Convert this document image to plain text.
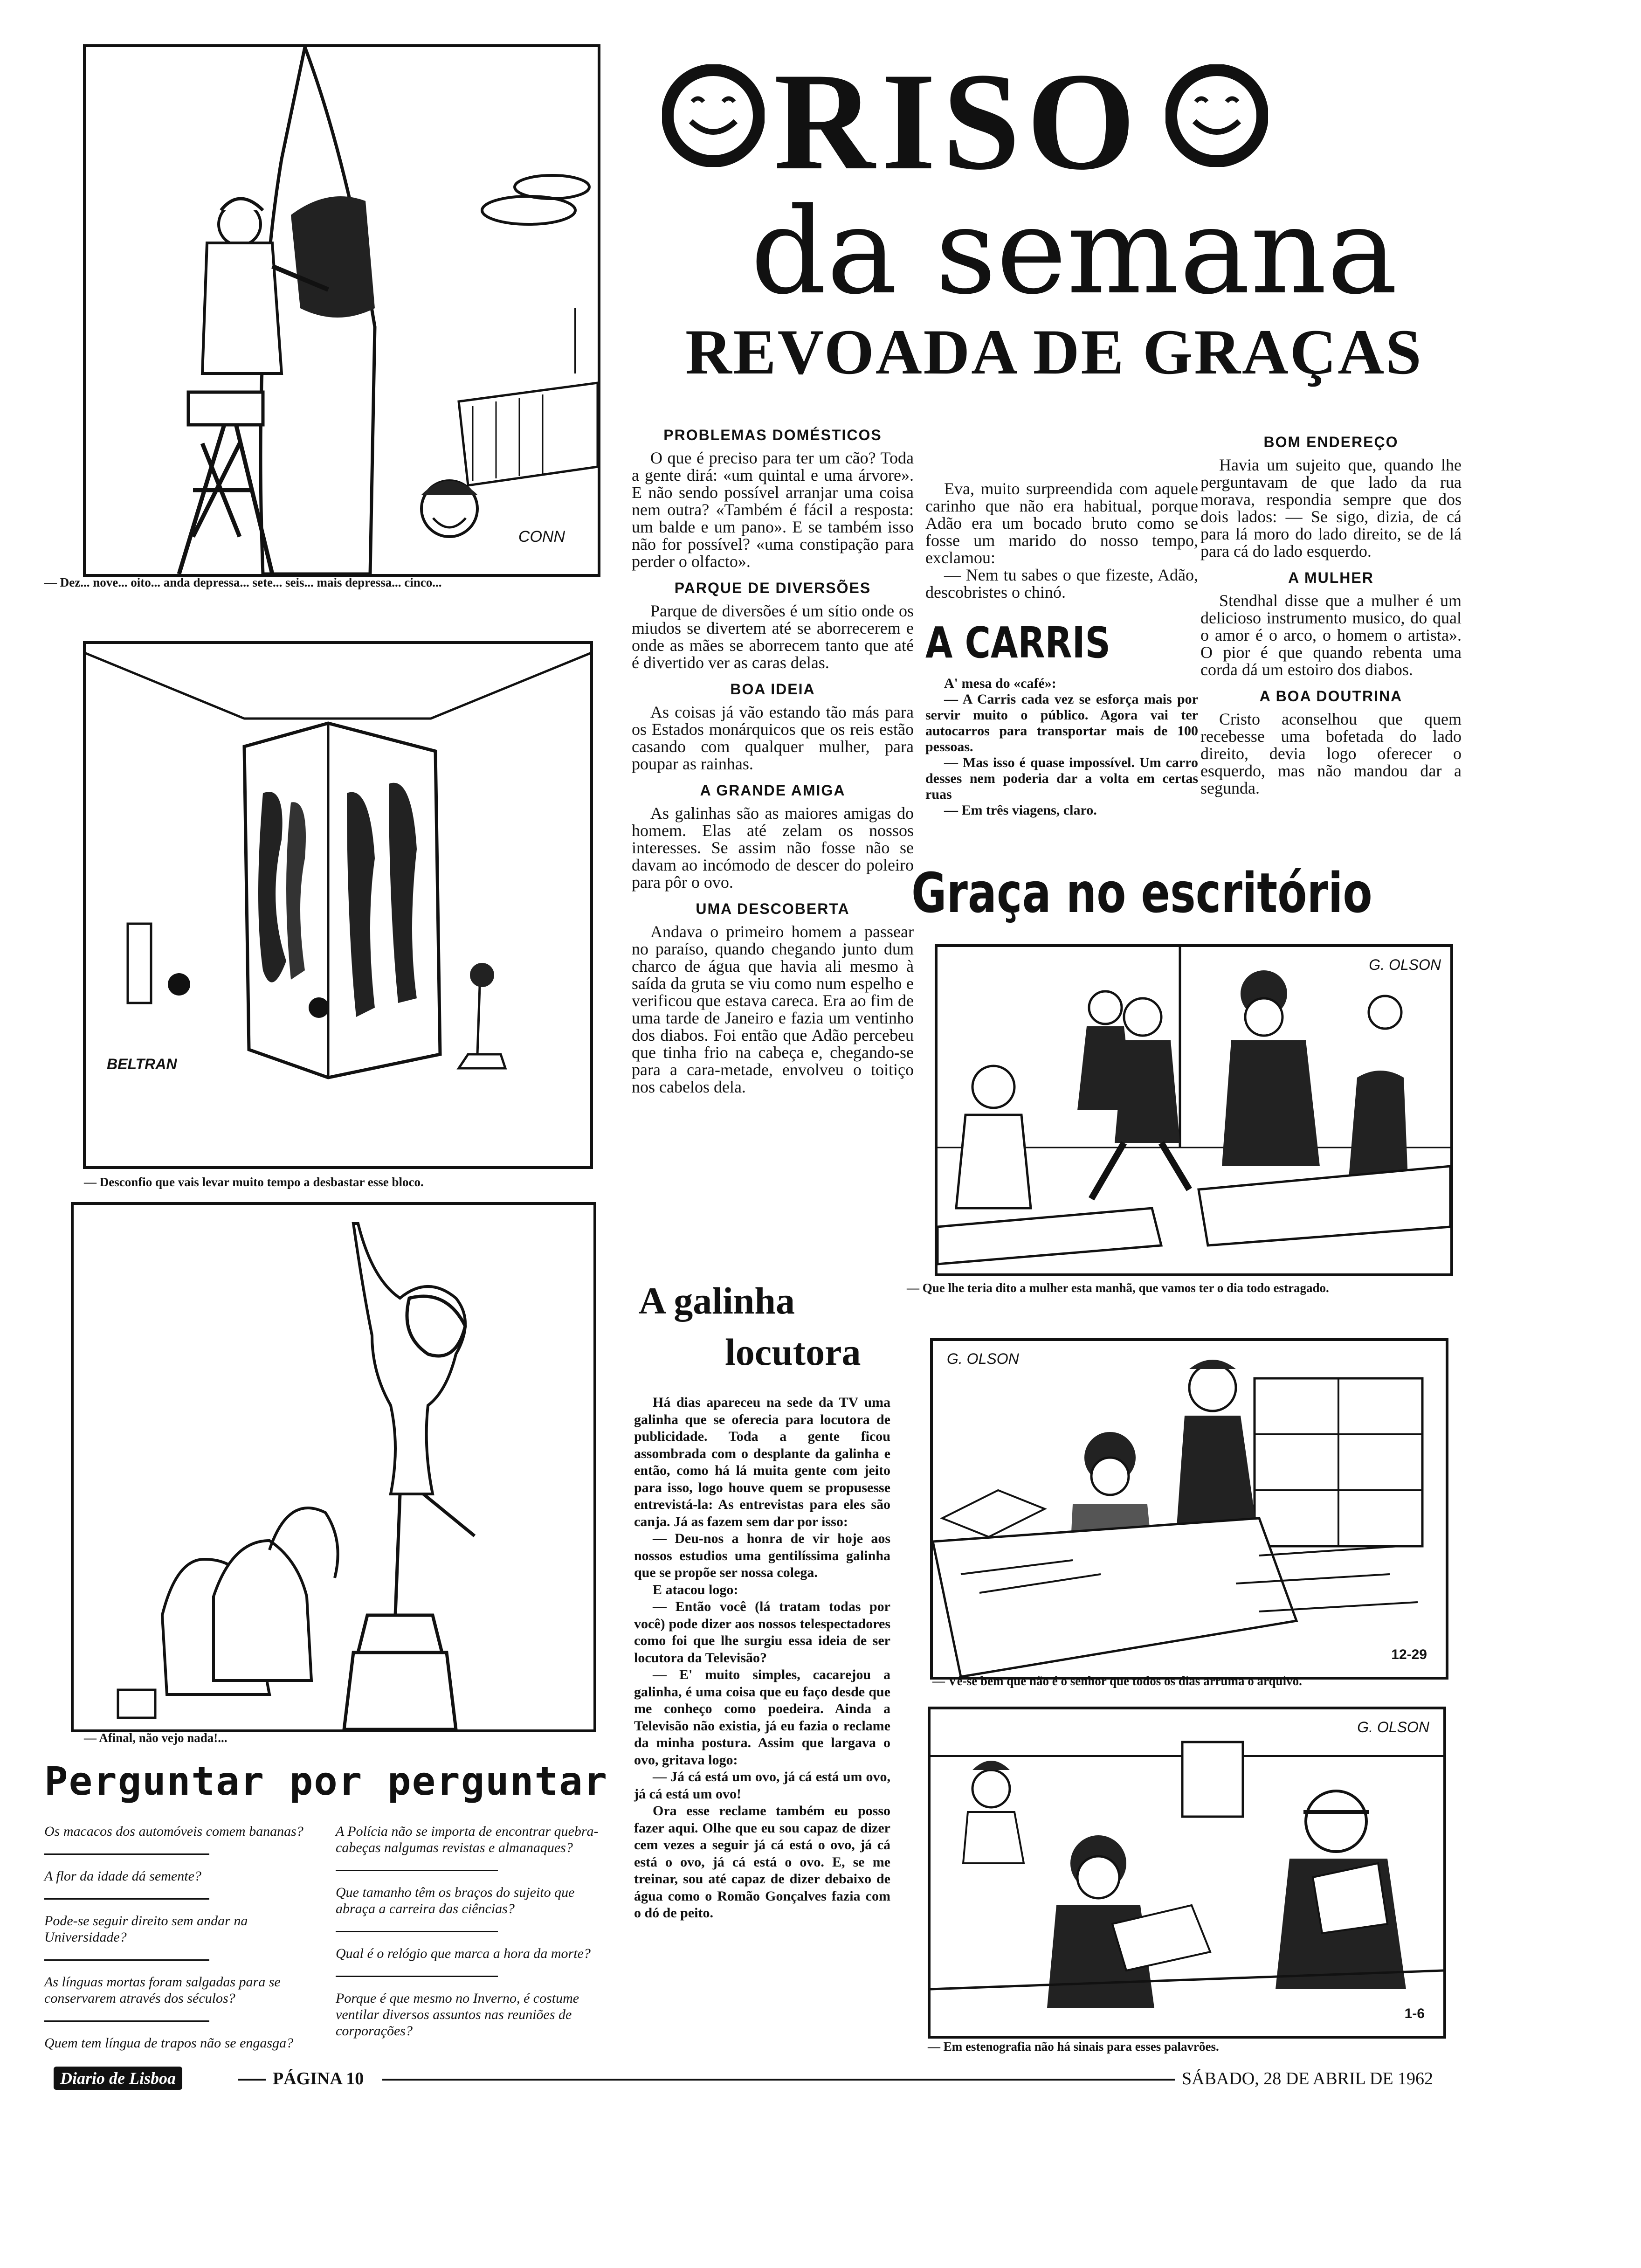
RISO
da semana
REVOADA DE GRAÇAS
CONN
— Dez... nove... oito... anda depressa... sete... seis... mais depressa... cinco...
BELTRAN
— Desconfio que vais levar muito tempo a desbastar esse bloco.
— Afinal, não vejo nada!...
Perguntar por perguntar
Os macacos dos automóveis comem bananas?
A flor da idade dá semente?
Pode-se seguir direito sem andar na Universidade?
As línguas mortas foram salgadas para se conservarem através dos séculos?
Quem tem língua de trapos não se engasga?
A Polícia não se importa de encontrar quebra-cabeças nalgumas revistas e almanaques?
Que tamanho têm os braços do sujeito que abraça a carreira das ciências?
Qual é o relógio que marca a hora da morte?
Porque é que mesmo no Inverno, é costume ventilar diversos assuntos nas reuniões de corporações?
PROBLEMAS DOMÉSTICOS

O que é preciso para ter um cão? Toda a gente dirá: «um quintal e uma árvore». E não sendo possível arranjar uma coisa nem outra? «Também é fácil a resposta: um balde e um pano». E se também isso não for possível? «uma constipação para perder o olfacto».

PARQUE DE DIVERSÕES

Parque de diversões é um sítio onde os miudos se divertem até se aborrecerem e onde as mães se aborrecem tanto que até é divertido ver as caras delas.

BOA IDEIA

As coisas já vão estando tão más para os Estados monárquicos que os reis estão casando com qualquer mulher, para poupar as rainhas.

A GRANDE AMIGA

As galinhas são as maiores amigas do homem. Elas até zelam os nossos interesses. Se assim não fosse não se davam ao incómodo de descer do poleiro para pôr o ovo.

UMA DESCOBERTA

Andava o primeiro homem a passear no paraíso, quando chegando junto dum charco de água que havia ali mesmo à saída da gruta se viu como num espelho e verificou que estava careca. Era ao fim de uma tarde de Janeiro e fazia um ventinho dos diabos. Foi então que Adão percebeu que tinha frio na cabeça e, chegando-se para a cara-metade, envolveu o toitiço nos cabelos dela.

Eva, muito surpreendida com aquele carinho que não era habitual, porque Adão era um bocado bruto como se fosse um marido do nosso tempo, exclamou:

— Nem tu sabes o que fizeste, Adão, descobristes o chinó.

A CARRIS

A' mesa do «café»:

— A Carris cada vez se esforça mais por servir muito o público. Agora vai ter autocarros para transportar mais de 100 pessoas.

— Mas isso é quase impossível. Um carro desses nem poderia dar a volta em certas ruas

— Em três viagens, claro.

BOM ENDEREÇO

Havia um sujeito que, quando lhe perguntavam de que lado da rua morava, respondia sempre que dos dois lados: — Se sigo, dizia, de cá para lá moro do lado direito, se de lá para cá do lado esquerdo.

A MULHER

Stendhal disse que a mulher é um delicioso instrumento musico, do qual o amor é o arco, o homem o artista». O pior é que quando rebenta uma corda dá um estoiro dos diabos.

A BOA DOUTRINA

Cristo aconselhou que quem recebesse uma bofetada do lado direito, devia logo oferecer o esquerdo, mas não mandou dar a segunda.

Graça no escritório
G. OLSON
— Que lhe teria dito a mulher esta manhã, que vamos ter o dia todo estragado.
G. OLSON
12-29
— Vê-se bem que não é o senhor que todos os dias arruma o arquivo.
G. OLSON
1-6
— Em estenografia não há sinais para esses palavrões.
A galinha
locutora

Há dias apareceu na sede da TV uma galinha que se oferecia para locutora de publicidade. Toda a gente ficou assombrada com o desplante da galinha e então, como há lá muita gente com jeito para isso, logo houve quem se propusesse entrevistá-la: As entrevistas para eles são canja. Já as fazem sem dar por isso:

— Deu-nos a honra de vir hoje aos nossos estudios uma gentilíssima galinha que se propõe ser nossa colega.

E atacou logo:

— Então você (lá tratam todas por você) pode dizer aos nossos telespectadores como foi que lhe surgiu essa ideia de ser locutora da Televisão?

— E' muito simples, cacarejou a galinha, é uma coisa que eu faço desde que me conheço como poedeira. Ainda a Televisão não existia, já eu fazia o reclame da minha postura. Assim que largava o ovo, gritava logo:

— Já cá está um ovo, já cá está um ovo, já cá está um ovo!

Ora esse reclame também eu posso fazer aqui. Olhe que eu sou capaz de dizer cem vezes a seguir já cá está o ovo, já cá está o ovo, já cá está o ovo. E, se me treinar, sou até capaz de dizer debaixo de água como o Romão Gonçalves fazia com o dó de peito.

Diario de Lisboa	PÁGINA 10	SÁBADO, 28 DE ABRIL DE 1962
